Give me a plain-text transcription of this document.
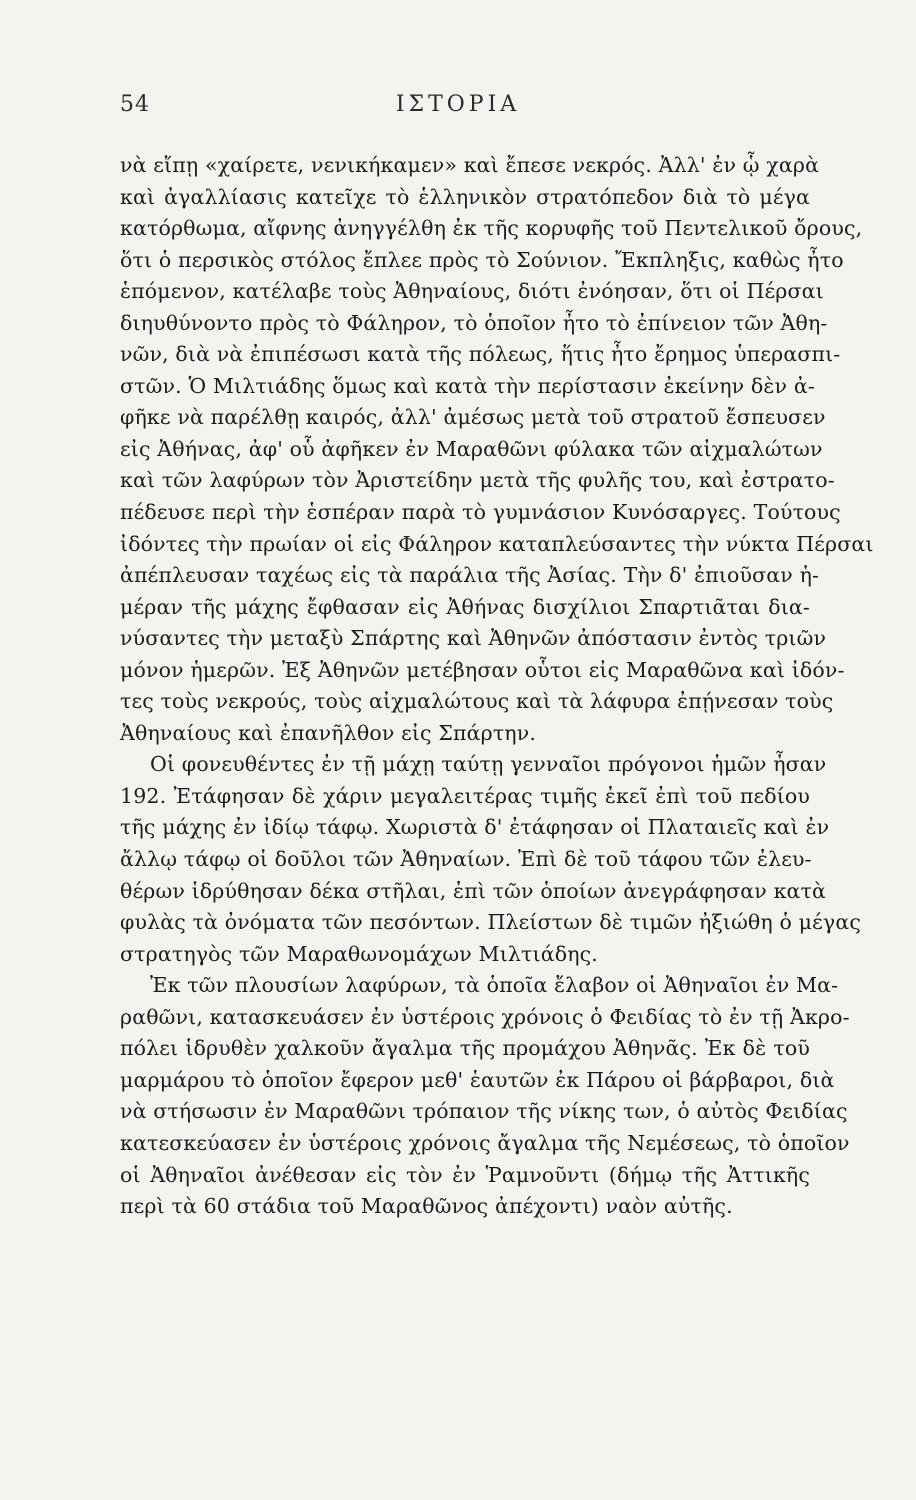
54	ΙΣΤΟΡΙΑ
νὰ εἴπῃ «χαίρετε, νενικήκαμεν» καὶ ἔπεσε νεκρός. Ἀλλ' ἐν ᾧ χαρὰ
καὶ ἀγαλλίασις κατεῖχε τὸ ἑλληνικὸν στρατόπεδον διὰ τὸ μέγα
κατόρθωμα, αἴφνης ἀνηγγέλθη ἐκ τῆς κορυφῆς τοῦ Πεντελικοῦ ὄρους,
ὅτι ὁ περσικὸς στόλος ἔπλεε πρὸς τὸ Σούνιον. Ἔκπληξις, καθὼς ἦτο
ἑπόμενον, κατέλαβε τοὺς Ἀθηναίους, διότι ἐνόησαν, ὅτι οἱ Πέρσαι
διηυθύνοντο πρὸς τὸ Φάληρον, τὸ ὁποῖον ἦτο τὸ ἐπίνειον τῶν Ἀθη-
νῶν, διὰ νὰ ἐπιπέσωσι κατὰ τῆς πόλεως, ἥτις ἦτο ἔρημος ὑπερασπι-
στῶν. Ὁ Μιλτιάδης ὅμως καὶ κατὰ τὴν περίστασιν ἐκείνην δὲν ἀ-
φῆκε νὰ παρέλθῃ καιρός, ἀλλ' ἀμέσως μετὰ τοῦ στρατοῦ ἔσπευσεν
εἰς Ἀθήνας, ἀφ' οὗ ἀφῆκεν ἐν Μαραθῶνι φύλακα τῶν αἰχμαλώτων
καὶ τῶν λαφύρων τὸν Ἀριστείδην μετὰ τῆς φυλῆς του, καὶ ἐστρατο-
πέδευσε περὶ τὴν ἑσπέραν παρὰ τὸ γυμνάσιον Κυνόσαργες. Τούτους
ἰδόντες τὴν πρωίαν οἱ εἰς Φάληρον καταπλεύσαντες τὴν νύκτα Πέρσαι
ἀπέπλευσαν ταχέως εἰς τὰ παράλια τῆς Ἀσίας. Τὴν δ' ἐπιοῦσαν ἡ-
μέραν τῆς μάχης ἔφθασαν εἰς Ἀθήνας δισχίλιοι Σπαρτιᾶται δια-
νύσαντες τὴν μεταξὺ Σπάρτης καὶ Ἀθηνῶν ἀπόστασιν ἐντὸς τριῶν
μόνον ἡμερῶν. Ἐξ Ἀθηνῶν μετέβησαν οὗτοι εἰς Μαραθῶνα καὶ ἰδόν-
τες τοὺς νεκρούς, τοὺς αἰχμαλώτους καὶ τὰ λάφυρα ἐπῄνεσαν τοὺς
Ἀθηναίους καὶ ἐπανῆλθον εἰς Σπάρτην.
Οἱ φονευθέντες ἐν τῇ μάχῃ ταύτῃ γενναῖοι πρόγονοι ἡμῶν ἦσαν
192. Ἐτάφησαν δὲ χάριν μεγαλειτέρας τιμῆς ἐκεῖ ἐπὶ τοῦ πεδίου
τῆς μάχης ἐν ἰδίῳ τάφῳ. Χωριστὰ δ' ἐτάφησαν οἱ Πλαταιεῖς καὶ ἐν
ἄλλῳ τάφῳ οἱ δοῦλοι τῶν Ἀθηναίων. Ἐπὶ δὲ τοῦ τάφου τῶν ἐλευ-
θέρων ἱδρύθησαν δέκα στῆλαι, ἐπὶ τῶν ὁποίων ἀνεγράφησαν κατὰ
φυλὰς τὰ ὀνόματα τῶν πεσόντων. Πλείστων δὲ τιμῶν ἠξιώθη ὁ μέγας
στρατηγὸς τῶν Μαραθωνομάχων Μιλτιάδης.
Ἐκ τῶν πλουσίων λαφύρων, τὰ ὁποῖα ἔλαβον οἱ Ἀθηναῖοι ἐν Μα-
ραθῶνι, κατασκευάσεν ἐν ὑστέροις χρόνοις ὁ Φειδίας τὸ ἐν τῇ Ἀκρο-
πόλει ἱδρυθὲν χαλκοῦν ἄγαλμα τῆς προμάχου Ἀθηνᾶς. Ἐκ δὲ τοῦ
μαρμάρου τὸ ὁποῖον ἔφερον μεθ' ἑαυτῶν ἐκ Πάρου οἱ βάρβαροι, διὰ
νὰ στήσωσιν ἐν Μαραθῶνι τρόπαιον τῆς νίκης των, ὁ αὐτὸς Φειδίας
κατεσκεύασεν ἐν ὑστέροις χρόνοις ἄγαλμα τῆς Νεμέσεως, τὸ ὁποῖον
οἱ Ἀθηναῖοι ἀνέθεσαν εἰς τὸν ἐν Ῥαμνοῦντι (δήμῳ τῆς Ἀττικῆς
περὶ τὰ 60 στάδια τοῦ Μαραθῶνος ἀπέχοντι) ναὸν αὐτῆς.
